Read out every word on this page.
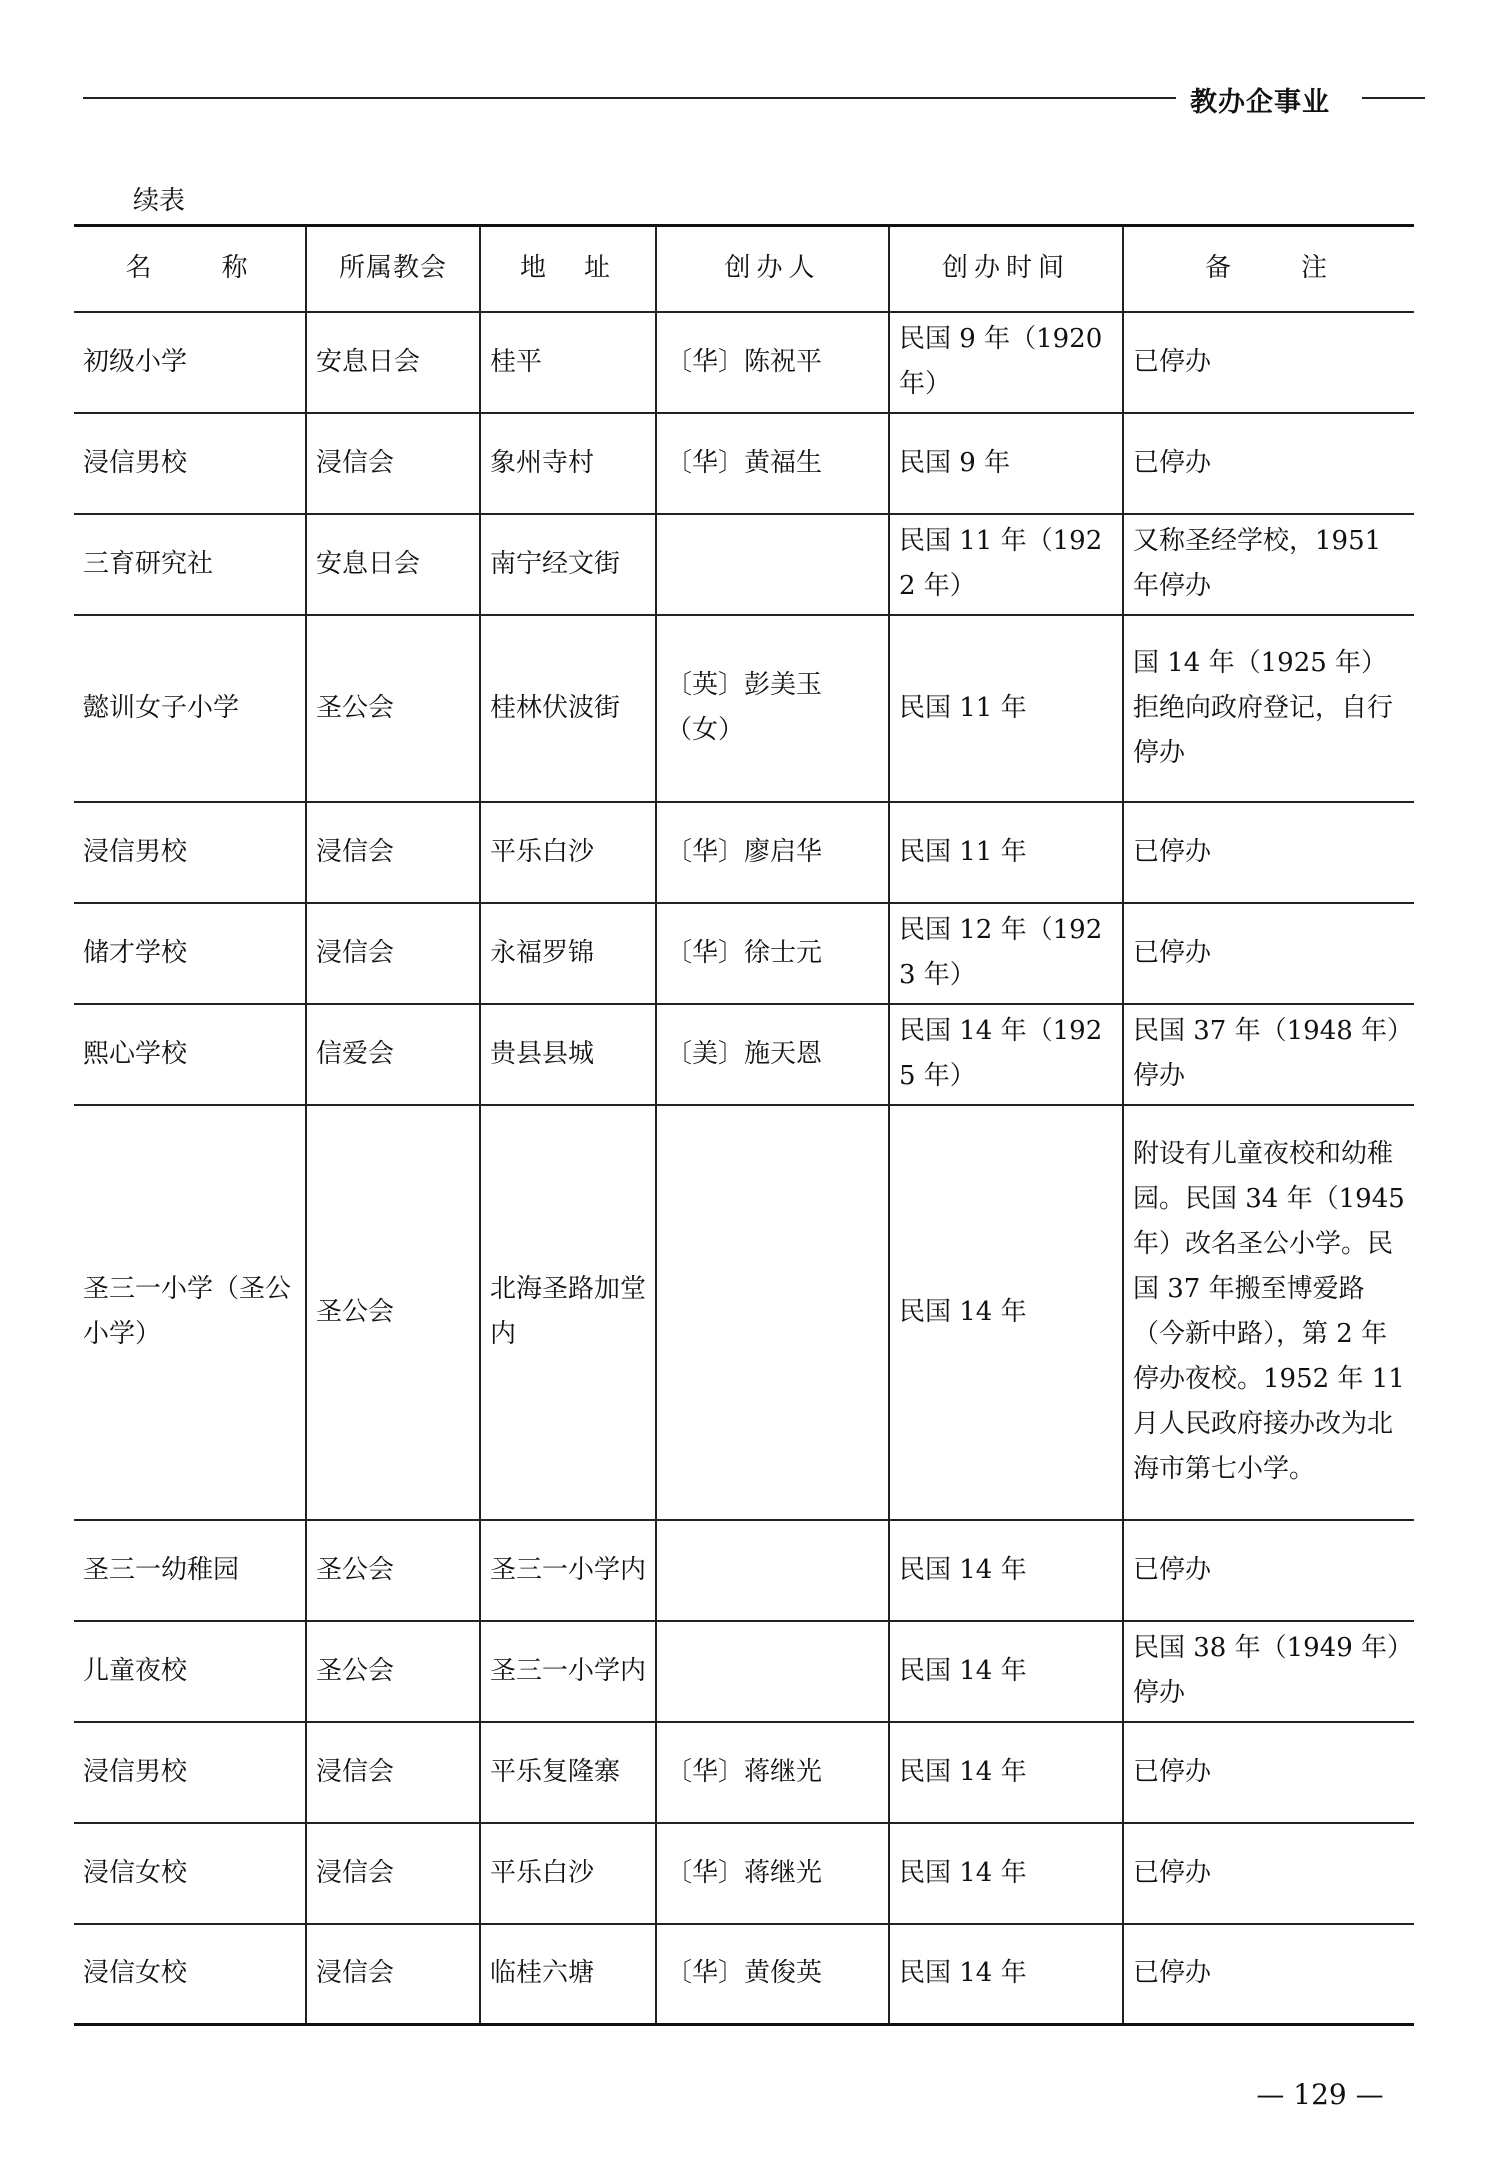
教办企事业
续表
名　　称	所属教会	地　址	创办人	创办时间	备　　注
初级小学	安息日会	桂平	〔华〕陈祝平	民国 9 年（1920 年）	已停办
浸信男校	浸信会	象州寺村	〔华〕黄福生	民国 9 年	已停办
三育研究社	安息日会	南宁经文街		民国 11 年（1922 年）	又称圣经学校，1951 年停办
懿训女子小学	圣公会	桂林伏波街	〔英〕彭美玉（女）	民国 11 年	国 14 年（1925 年）拒绝向政府登记，自行停办
浸信男校	浸信会	平乐白沙	〔华〕廖启华	民国 11 年	已停办
储才学校	浸信会	永福罗锦	〔华〕徐士元	民国 12 年（1923 年）	已停办
熙心学校	信爱会	贵县县城	〔美〕施天恩	民国 14 年（1925 年）	民国 37 年（1948 年）停办
圣三一小学（圣公小学）	圣公会	北海圣路加堂内		民国 14 年	附设有儿童夜校和幼稚园。民国 34 年（1945 年）改名圣公小学。民国 37 年搬至博爱路（今新中路），第 2 年停办夜校。1952 年 11 月人民政府接办改为北海市第七小学。
圣三一幼稚园	圣公会	圣三一小学内		民国 14 年	已停办
儿童夜校	圣公会	圣三一小学内		民国 14 年	民国 38 年（1949 年）停办
浸信男校	浸信会	平乐复隆寨	〔华〕蒋继光	民国 14 年	已停办
浸信女校	浸信会	平乐白沙	〔华〕蒋继光	民国 14 年	已停办
浸信女校	浸信会	临桂六塘	〔华〕黄俊英	民国 14 年	已停办
— 129 —
